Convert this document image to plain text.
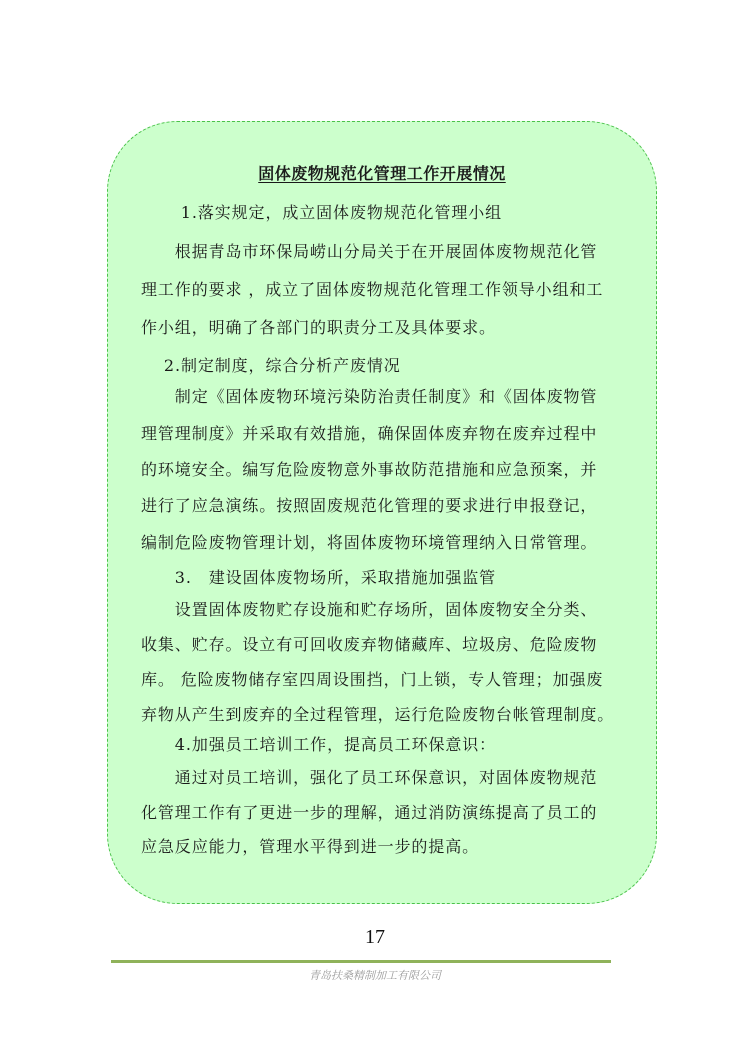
固体废物规范化管理工作开展情况

　　 1.落实规定，成立固体废物规范化管理小组

　　根据青岛市环保局崂山分局关于在开展固体废物规范化管

理工作的要求 ，成立了固体废物规范化管理工作领导小组和工

作小组，明确了各部门的职责分工及具体要求。

　 2.制定制度，综合分析产废情况

　　制定《固体废物环境污染防治责任制度》和《固体废物管

理管理制度》并采取有效措施，确保固体废弃物在废弃过程中

的环境安全。编写危险废物意外事故防范措施和应急预案，并

进行了应急演练。按照固废规范化管理的要求进行申报登记，

编制危险废物管理计划，将固体废物环境管理纳入日常管理。

　　3.　建设固体废物场所，采取措施加强监管

　　设置固体废物贮存设施和贮存场所，固体废物安全分类、

收集、贮存。设立有可回收废弃物储藏库、垃圾房、危险废物

库。 危险废物储存室四周设围挡，门上锁，专人管理；加强废

弃物从产生到废弃的全过程管理，运行危险废物台帐管理制度。

　　4.加强员工培训工作，提高员工环保意识：

　　通过对员工培训，强化了员工环保意识，对固体废物规范

化管理工作有了更进一步的理解，通过消防演练提高了员工的

应急反应能力，管理水平得到进一步的提高。

17
青岛扶桑精制加工有限公司
